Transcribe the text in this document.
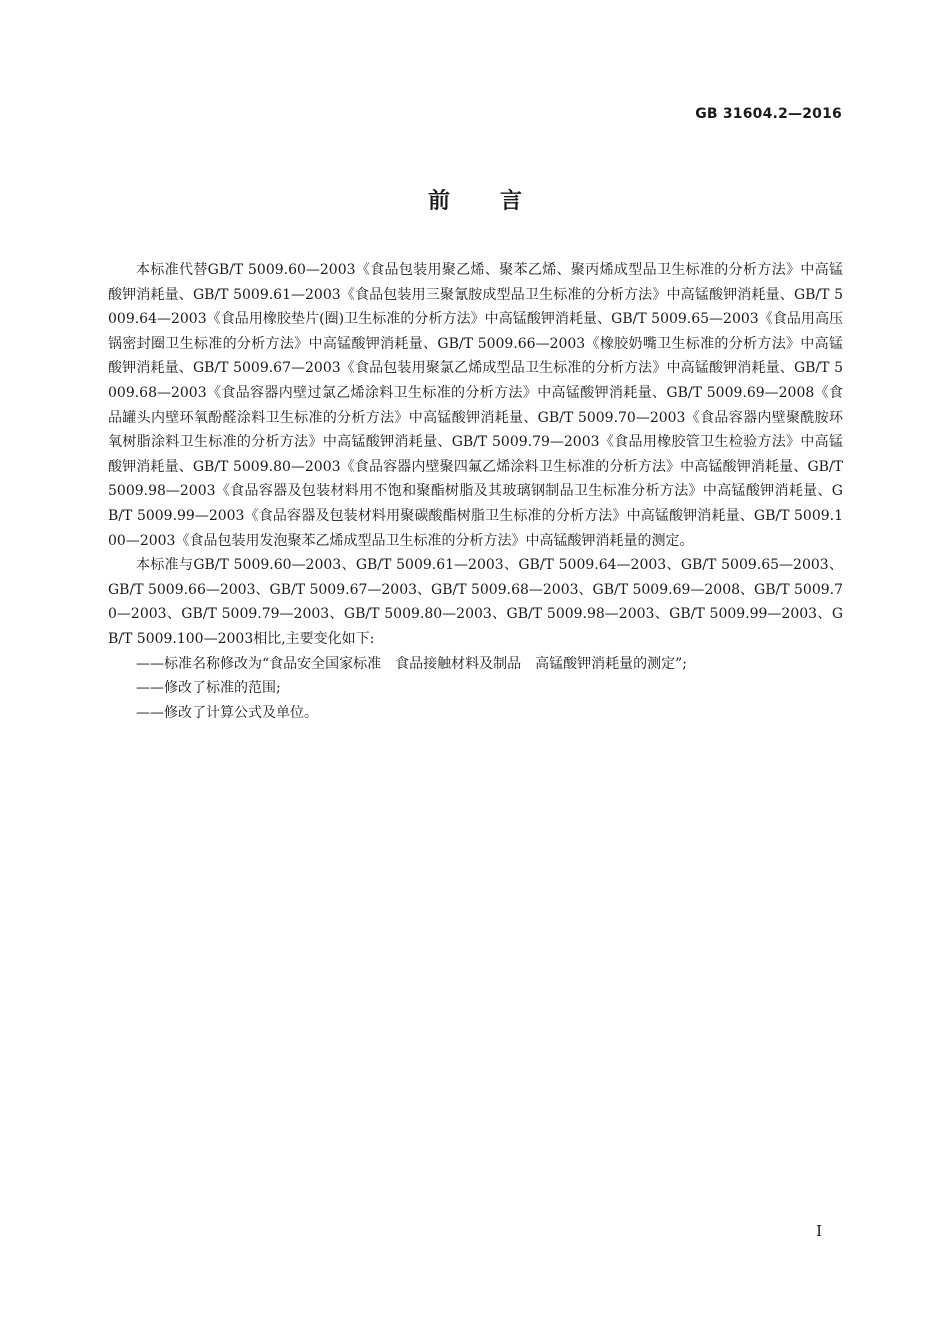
GB 31604.2—2016
前言

本标准代替GB/T 5009.60—2003《食品包装用聚乙烯、聚苯乙烯、聚丙烯成型品卫生标准的分析方法》中高锰酸钾消耗量、GB/T 5009.61—2003《食品包装用三聚氰胺成型品卫生标准的分析方法》中高锰酸钾消耗量、GB/T 5009.64—2003《食品用橡胶垫片(圈)卫生标准的分析方法》中高锰酸钾消耗量、GB/T 5009.65—2003《食品用高压锅密封圈卫生标准的分析方法》中高锰酸钾消耗量、GB/T 5009.66—2003《橡胶奶嘴卫生标准的分析方法》中高锰酸钾消耗量、GB/T 5009.67—2003《食品包装用聚氯乙烯成型品卫生标准的分析方法》中高锰酸钾消耗量、GB/T 5009.68—2003《食品容器内壁过氯乙烯涂料卫生标准的分析方法》中高锰酸钾消耗量、GB/T 5009.69—2008《食品罐头内壁环氧酚醛涂料卫生标准的分析方法》中高锰酸钾消耗量、GB/T 5009.70—2003《食品容器内壁聚酰胺环氧树脂涂料卫生标准的分析方法》中高锰酸钾消耗量、GB/T 5009.79—2003《食品用橡胶管卫生检验方法》中高锰酸钾消耗量、GB/T 5009.80—2003《食品容器内壁聚四氟乙烯涂料卫生标准的分析方法》中高锰酸钾消耗量、GB/T 5009.98—2003《食品容器及包装材料用不饱和聚酯树脂及其玻璃钢制品卫生标准分析方法》中高锰酸钾消耗量、GB/T 5009.99—2003《食品容器及包装材料用聚碳酸酯树脂卫生标准的分析方法》中高锰酸钾消耗量、GB/T 5009.100—2003《食品包装用发泡聚苯乙烯成型品卫生标准的分析方法》中高锰酸钾消耗量的测定。

本标准与GB/T 5009.60—2003、GB/T 5009.61—2003、GB/T 5009.64—2003、GB/T 5009.65—2003、GB/T 5009.66—2003、GB/T 5009.67—2003、GB/T 5009.68—2003、GB/T 5009.69—2008、GB/T 5009.70—2003、GB/T 5009.79—2003、GB/T 5009.80—2003、GB/T 5009.98—2003、GB/T 5009.99—2003、GB/T 5009.100—2003相比,主要变化如下:

——标准名称修改为“食品安全国家标准　食品接触材料及制品　高锰酸钾消耗量的测定”;

——修改了标准的范围;

——修改了计算公式及单位。

I
